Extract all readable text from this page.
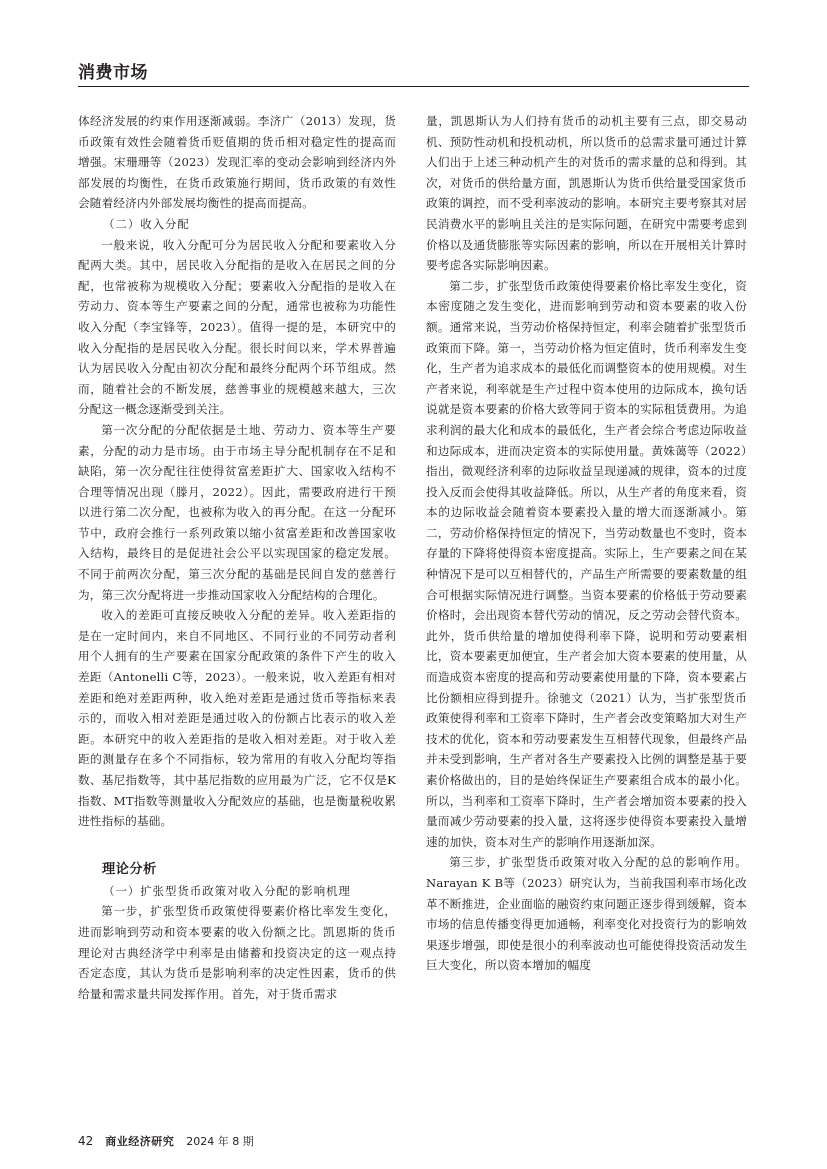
消费市场

体经济发展的约束作用逐渐减弱。李济广（2013）发现，货币政策有效性会随着货币贬值期的货币相对稳定性的提高而增强。宋珊珊等（2023）发现汇率的变动会影响到经济内外部发展的均衡性，在货币政策施行期间，货币政策的有效性会随着经济内外部发展均衡性的提高而提高。

（二）收入分配

一般来说，收入分配可分为居民收入分配和要素收入分配两大类。其中，居民收入分配指的是收入在居民之间的分配，也常被称为规模收入分配；要素收入分配指的是收入在劳动力、资本等生产要素之间的分配，通常也被称为功能性收入分配（李宝锋等，2023）。值得一提的是，本研究中的收入分配指的是居民收入分配。很长时间以来，学术界普遍认为居民收入分配由初次分配和最终分配两个环节组成。然而，随着社会的不断发展，慈善事业的规模越来越大，三次分配这一概念逐渐受到关注。

第一次分配的分配依据是土地、劳动力、资本等生产要素，分配的动力是市场。由于市场主导分配机制存在不足和缺陷，第一次分配往往使得贫富差距扩大、国家收入结构不合理等情况出现（滕月，2022）。因此，需要政府进行干预以进行第二次分配，也被称为收入的再分配。在这一分配环节中，政府会推行一系列政策以缩小贫富差距和改善国家收入结构，最终目的是促进社会公平以实现国家的稳定发展。不同于前两次分配，第三次分配的基础是民间自发的慈善行为，第三次分配将进一步推动国家收入分配结构的合理化。

收入的差距可直接反映收入分配的差异。收入差距指的是在一定时间内，来自不同地区、不同行业的不同劳动者利用个人拥有的生产要素在国家分配政策的条件下产生的收入差距（Antonelli C等，2023）。一般来说，收入差距有相对差距和绝对差距两种，收入绝对差距是通过货币等指标来表示的，而收入相对差距是通过收入的份额占比表示的收入差距。本研究中的收入差距指的是收入相对差距。对于收入差距的测量存在多个不同指标，较为常用的有收入分配均等指数、基尼指数等，其中基尼指数的应用最为广泛，它不仅是K指数、MT指数等测量收入分配效应的基础，也是衡量税收累进性指标的基础。

理论分析
（一）扩张型货币政策对收入分配的影响机理

第一步，扩张型货币政策使得要素价格比率发生变化，进而影响到劳动和资本要素的收入份额之比。凯恩斯的货币理论对古典经济学中利率是由储蓄和投资决定的这一观点持否定态度，其认为货币是影响利率的决定性因素，货币的供给量和需求量共同发挥作用。首先，对于货币需求

量，凯恩斯认为人们持有货币的动机主要有三点，即交易动机、预防性动机和投机动机，所以货币的总需求量可通过计算人们出于上述三种动机产生的对货币的需求量的总和得到。其次，对货币的供给量方面，凯恩斯认为货币供给量受国家货币政策的调控，而不受利率波动的影响。本研究主要考察其对居民消费水平的影响且关注的是实际问题，在研究中需要考虑到价格以及通货膨胀等实际因素的影响，所以在开展相关计算时要考虑各实际影响因素。

第二步，扩张型货币政策使得要素价格比率发生变化，资本密度随之发生变化，进而影响到劳动和资本要素的收入份额。通常来说，当劳动价格保持恒定，利率会随着扩张型货币政策而下降。第一，当劳动价格为恒定值时，货币利率发生变化，生产者为追求成本的最低化而调整资本的使用规模。对生产者来说，利率就是生产过程中资本使用的边际成本，换句话说就是资本要素的价格大致等同于资本的实际租赁费用。为追求利润的最大化和成本的最低化，生产者会综合考虑边际收益和边际成本，进而决定资本的实际使用量。黄姝蔼等（2022）指出，微观经济利率的边际收益呈现递减的规律，资本的过度投入反而会使得其收益降低。所以，从生产者的角度来看，资本的边际收益会随着资本要素投入量的增大而逐渐减小。第二，劳动价格保持恒定的情况下，当劳动数量也不变时，资本存量的下降将使得资本密度提高。实际上，生产要素之间在某种情况下是可以互相替代的，产品生产所需要的要素数量的组合可根据实际情况进行调整。当资本要素的价格低于劳动要素价格时，会出现资本替代劳动的情况，反之劳动会替代资本。此外，货币供给量的增加使得利率下降，说明和劳动要素相比，资本要素更加便宜，生产者会加大资本要素的使用量，从而造成资本密度的提高和劳动要素使用量的下降，资本要素占比份额相应得到提升。徐驰文（2021）认为，当扩张型货币政策使得利率和工资率下降时，生产者会改变策略加大对生产技术的优化，资本和劳动要素发生互相替代现象，但最终产品并未受到影响，生产者对各生产要素投入比例的调整是基于要素价格做出的，目的是始终保证生产要素组合成本的最小化。所以，当利率和工资率下降时，生产者会增加资本要素的投入量而减少劳动要素的投入量，这将逐步使得资本要素投入量增速的加快，资本对生产的影响作用逐渐加深。

第三步，扩张型货币政策对收入分配的总的影响作用。Narayan K B等（2023）研究认为，当前我国利率市场化改革不断推进，企业面临的融资约束问题正逐步得到缓解，资本市场的信息传播变得更加通畅，利率变化对投资行为的影响效果逐步增强，即使是很小的利率波动也可能使得投资活动发生巨大变化，所以资本增加的幅度

42 商业经济研究 2024 年 8 期
